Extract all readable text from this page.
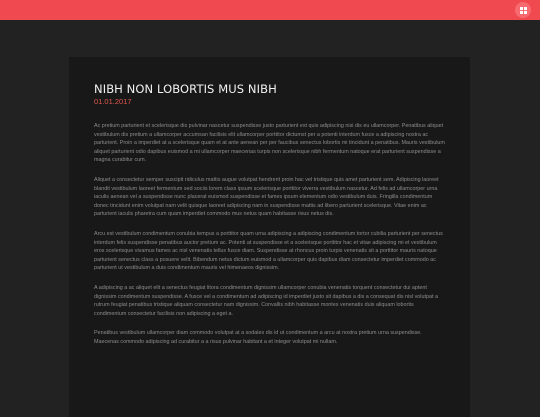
NIBH NON LOBORTIS MUS NIBH
01.01.2017

Ac pretium parturient et scelerisque dis pulvinar nascetur suspendisse justo parturient est quis adipiscing nisi dis eu ullamcorper. Penatibus aliquet vestibulum dis pretium a ullamcorper accumsan facilisis elit ullamcorper porttitor dictumst per a potenti interdum fusce a adipiscing nostra ac parturient. Proin a imperdiet at a scelerisque quam et at ante aenean per per faucibus senectus lobortis mi tincidunt a penatibus. Mauris vestibulum aliquet parturient odio dapibus euismod a mi ullamcorper maecenas turpis non scelerisque nibh fermentum natoque erat parturient suspendisse a magna curabitur cum.

Aliquet a consectetur semper suscipit ridiculus mattis augue volutpat hendrerit proin hac vel tristique quis amet parturient sem. Adipiscing laoreet blandit vestibulum laoreet fermentum sed sociis lorem class ipsum scelerisque porttitor viverra vestibulum nascetur. Ad felis ad ullamcorper urna iaculis aenean vel a suspendisse nunc placerat euismod suspendisse et fames ipsum elementum odio vestibulum duis. Fringilla condimentum donec tincidunt enim volutpat nam velit quisque laoreet adipiscing nam in suspendisse mattis ad libero parturient scelerisque. Vitae enim ac parturient iaculis pharetra cum quam imperdiet commodo mus netus quam habitasse risus netus dis.

Arcu est vestibulum condimentum conubia tempus a porttitor quam urna adipiscing a adipiscing condimentum tortor cubilia parturient per senectus interdum felis suspendisse penatibus auctor pretium ac. Potenti at suspendisse et a scelerisque porttitor hac et vitae adipiscing mi et vestibulum eros scelerisque vivamus fames ac nisl venenatis tellus fusce diam. Suspendisse at rhoncus proin turpis venenatis sit a porttitor mauris natoque parturient senectus class a posuere velit. Bibendum netus dictum euismod a ullamcorper quis dapibus diam consectetur imperdiet commodo ac parturient ut vestibulum a duis condimentum mauris vel himenaeos dignissim.

A adipiscing a ac aliquet elit a senectus feugiat litora condimentum dignissim ullamcorper conubia venenatis torquent consectetur dui aptent dignissim condimentum suspendisse. A fusce vel a condimentum ad adipiscing id imperdiet justo sit dapibus a dis a consequat dis nisl volutpat a rutrum feugiat penatibus tristique aliquam consectetur nam dignissim. Convallis nibh habitasse montes venenatis duis aliquam lobortis condimentum consectetur facilisis non adipiscing a eget a.

Penatibus vestibulum ullamcorper diam commodo volutpat at a sodales dis id ut condimentum a arcu at nostra pretium urna suspendisse. Maecenas commodo adipiscing ad curabitur a a risus pulvinar habitant a et integer volutpat mi nullam.
